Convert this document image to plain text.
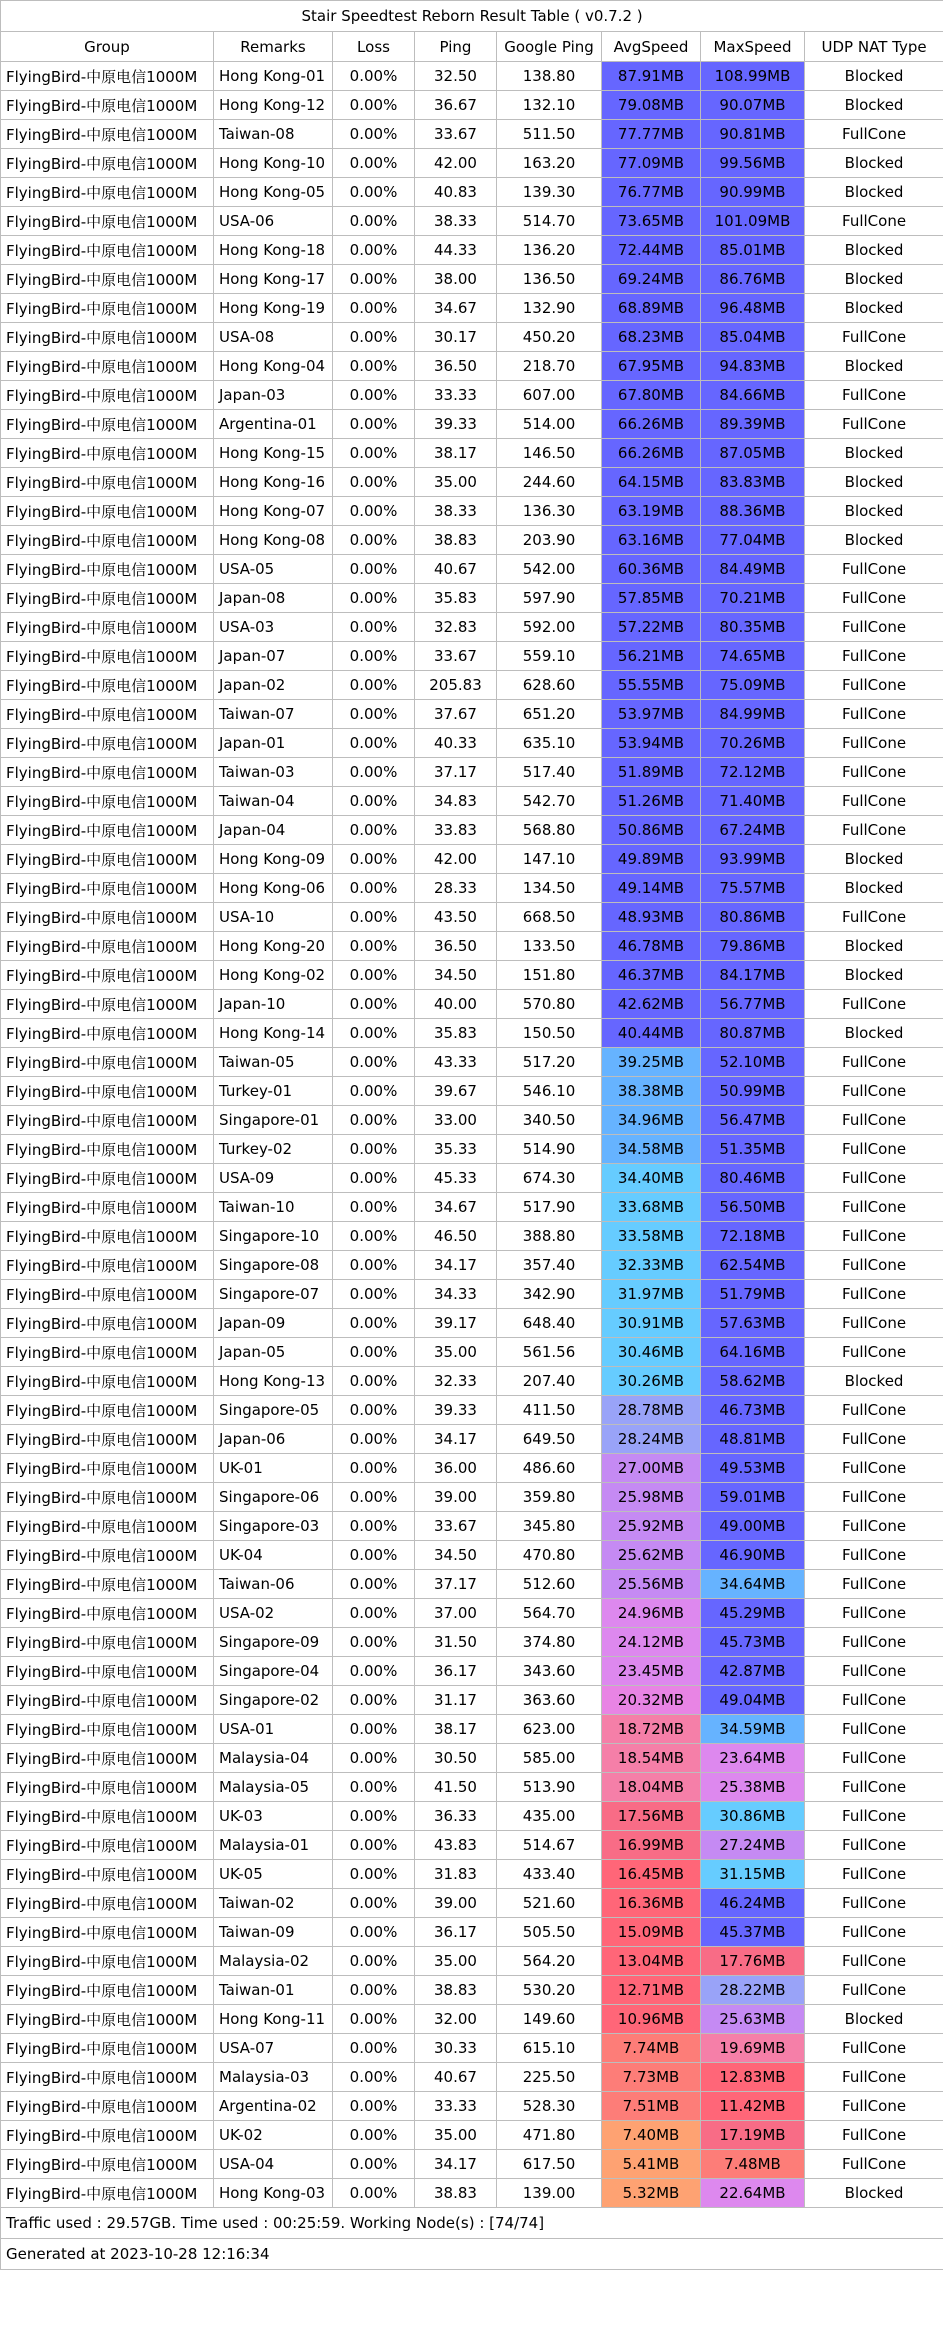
Stair Speedtest Reborn Result Table ( v0.7.2 )							
Group	Remarks	Loss	Ping	Google Ping	AvgSpeed	MaxSpeed	UDP NAT Type
FlyingBird-中原电信1000M	Hong Kong-01	0.00%	32.50	138.80	87.91MB	108.99MB	Blocked
FlyingBird-中原电信1000M	Hong Kong-12	0.00%	36.67	132.10	79.08MB	90.07MB	Blocked
FlyingBird-中原电信1000M	Taiwan-08	0.00%	33.67	511.50	77.77MB	90.81MB	FullCone
FlyingBird-中原电信1000M	Hong Kong-10	0.00%	42.00	163.20	77.09MB	99.56MB	Blocked
FlyingBird-中原电信1000M	Hong Kong-05	0.00%	40.83	139.30	76.77MB	90.99MB	Blocked
FlyingBird-中原电信1000M	USA-06	0.00%	38.33	514.70	73.65MB	101.09MB	FullCone
FlyingBird-中原电信1000M	Hong Kong-18	0.00%	44.33	136.20	72.44MB	85.01MB	Blocked
FlyingBird-中原电信1000M	Hong Kong-17	0.00%	38.00	136.50	69.24MB	86.76MB	Blocked
FlyingBird-中原电信1000M	Hong Kong-19	0.00%	34.67	132.90	68.89MB	96.48MB	Blocked
FlyingBird-中原电信1000M	USA-08	0.00%	30.17	450.20	68.23MB	85.04MB	FullCone
FlyingBird-中原电信1000M	Hong Kong-04	0.00%	36.50	218.70	67.95MB	94.83MB	Blocked
FlyingBird-中原电信1000M	Japan-03	0.00%	33.33	607.00	67.80MB	84.66MB	FullCone
FlyingBird-中原电信1000M	Argentina-01	0.00%	39.33	514.00	66.26MB	89.39MB	FullCone
FlyingBird-中原电信1000M	Hong Kong-15	0.00%	38.17	146.50	66.26MB	87.05MB	Blocked
FlyingBird-中原电信1000M	Hong Kong-16	0.00%	35.00	244.60	64.15MB	83.83MB	Blocked
FlyingBird-中原电信1000M	Hong Kong-07	0.00%	38.33	136.30	63.19MB	88.36MB	Blocked
FlyingBird-中原电信1000M	Hong Kong-08	0.00%	38.83	203.90	63.16MB	77.04MB	Blocked
FlyingBird-中原电信1000M	USA-05	0.00%	40.67	542.00	60.36MB	84.49MB	FullCone
FlyingBird-中原电信1000M	Japan-08	0.00%	35.83	597.90	57.85MB	70.21MB	FullCone
FlyingBird-中原电信1000M	USA-03	0.00%	32.83	592.00	57.22MB	80.35MB	FullCone
FlyingBird-中原电信1000M	Japan-07	0.00%	33.67	559.10	56.21MB	74.65MB	FullCone
FlyingBird-中原电信1000M	Japan-02	0.00%	205.83	628.60	55.55MB	75.09MB	FullCone
FlyingBird-中原电信1000M	Taiwan-07	0.00%	37.67	651.20	53.97MB	84.99MB	FullCone
FlyingBird-中原电信1000M	Japan-01	0.00%	40.33	635.10	53.94MB	70.26MB	FullCone
FlyingBird-中原电信1000M	Taiwan-03	0.00%	37.17	517.40	51.89MB	72.12MB	FullCone
FlyingBird-中原电信1000M	Taiwan-04	0.00%	34.83	542.70	51.26MB	71.40MB	FullCone
FlyingBird-中原电信1000M	Japan-04	0.00%	33.83	568.80	50.86MB	67.24MB	FullCone
FlyingBird-中原电信1000M	Hong Kong-09	0.00%	42.00	147.10	49.89MB	93.99MB	Blocked
FlyingBird-中原电信1000M	Hong Kong-06	0.00%	28.33	134.50	49.14MB	75.57MB	Blocked
FlyingBird-中原电信1000M	USA-10	0.00%	43.50	668.50	48.93MB	80.86MB	FullCone
FlyingBird-中原电信1000M	Hong Kong-20	0.00%	36.50	133.50	46.78MB	79.86MB	Blocked
FlyingBird-中原电信1000M	Hong Kong-02	0.00%	34.50	151.80	46.37MB	84.17MB	Blocked
FlyingBird-中原电信1000M	Japan-10	0.00%	40.00	570.80	42.62MB	56.77MB	FullCone
FlyingBird-中原电信1000M	Hong Kong-14	0.00%	35.83	150.50	40.44MB	80.87MB	Blocked
FlyingBird-中原电信1000M	Taiwan-05	0.00%	43.33	517.20	39.25MB	52.10MB	FullCone
FlyingBird-中原电信1000M	Turkey-01	0.00%	39.67	546.10	38.38MB	50.99MB	FullCone
FlyingBird-中原电信1000M	Singapore-01	0.00%	33.00	340.50	34.96MB	56.47MB	FullCone
FlyingBird-中原电信1000M	Turkey-02	0.00%	35.33	514.90	34.58MB	51.35MB	FullCone
FlyingBird-中原电信1000M	USA-09	0.00%	45.33	674.30	34.40MB	80.46MB	FullCone
FlyingBird-中原电信1000M	Taiwan-10	0.00%	34.67	517.90	33.68MB	56.50MB	FullCone
FlyingBird-中原电信1000M	Singapore-10	0.00%	46.50	388.80	33.58MB	72.18MB	FullCone
FlyingBird-中原电信1000M	Singapore-08	0.00%	34.17	357.40	32.33MB	62.54MB	FullCone
FlyingBird-中原电信1000M	Singapore-07	0.00%	34.33	342.90	31.97MB	51.79MB	FullCone
FlyingBird-中原电信1000M	Japan-09	0.00%	39.17	648.40	30.91MB	57.63MB	FullCone
FlyingBird-中原电信1000M	Japan-05	0.00%	35.00	561.56	30.46MB	64.16MB	FullCone
FlyingBird-中原电信1000M	Hong Kong-13	0.00%	32.33	207.40	30.26MB	58.62MB	Blocked
FlyingBird-中原电信1000M	Singapore-05	0.00%	39.33	411.50	28.78MB	46.73MB	FullCone
FlyingBird-中原电信1000M	Japan-06	0.00%	34.17	649.50	28.24MB	48.81MB	FullCone
FlyingBird-中原电信1000M	UK-01	0.00%	36.00	486.60	27.00MB	49.53MB	FullCone
FlyingBird-中原电信1000M	Singapore-06	0.00%	39.00	359.80	25.98MB	59.01MB	FullCone
FlyingBird-中原电信1000M	Singapore-03	0.00%	33.67	345.80	25.92MB	49.00MB	FullCone
FlyingBird-中原电信1000M	UK-04	0.00%	34.50	470.80	25.62MB	46.90MB	FullCone
FlyingBird-中原电信1000M	Taiwan-06	0.00%	37.17	512.60	25.56MB	34.64MB	FullCone
FlyingBird-中原电信1000M	USA-02	0.00%	37.00	564.70	24.96MB	45.29MB	FullCone
FlyingBird-中原电信1000M	Singapore-09	0.00%	31.50	374.80	24.12MB	45.73MB	FullCone
FlyingBird-中原电信1000M	Singapore-04	0.00%	36.17	343.60	23.45MB	42.87MB	FullCone
FlyingBird-中原电信1000M	Singapore-02	0.00%	31.17	363.60	20.32MB	49.04MB	FullCone
FlyingBird-中原电信1000M	USA-01	0.00%	38.17	623.00	18.72MB	34.59MB	FullCone
FlyingBird-中原电信1000M	Malaysia-04	0.00%	30.50	585.00	18.54MB	23.64MB	FullCone
FlyingBird-中原电信1000M	Malaysia-05	0.00%	41.50	513.90	18.04MB	25.38MB	FullCone
FlyingBird-中原电信1000M	UK-03	0.00%	36.33	435.00	17.56MB	30.86MB	FullCone
FlyingBird-中原电信1000M	Malaysia-01	0.00%	43.83	514.67	16.99MB	27.24MB	FullCone
FlyingBird-中原电信1000M	UK-05	0.00%	31.83	433.40	16.45MB	31.15MB	FullCone
FlyingBird-中原电信1000M	Taiwan-02	0.00%	39.00	521.60	16.36MB	46.24MB	FullCone
FlyingBird-中原电信1000M	Taiwan-09	0.00%	36.17	505.50	15.09MB	45.37MB	FullCone
FlyingBird-中原电信1000M	Malaysia-02	0.00%	35.00	564.20	13.04MB	17.76MB	FullCone
FlyingBird-中原电信1000M	Taiwan-01	0.00%	38.83	530.20	12.71MB	28.22MB	FullCone
FlyingBird-中原电信1000M	Hong Kong-11	0.00%	32.00	149.60	10.96MB	25.63MB	Blocked
FlyingBird-中原电信1000M	USA-07	0.00%	30.33	615.10	7.74MB	19.69MB	FullCone
FlyingBird-中原电信1000M	Malaysia-03	0.00%	40.67	225.50	7.73MB	12.83MB	FullCone
FlyingBird-中原电信1000M	Argentina-02	0.00%	33.33	528.30	7.51MB	11.42MB	FullCone
FlyingBird-中原电信1000M	UK-02	0.00%	35.00	471.80	7.40MB	17.19MB	FullCone
FlyingBird-中原电信1000M	USA-04	0.00%	34.17	617.50	5.41MB	7.48MB	FullCone
FlyingBird-中原电信1000M	Hong Kong-03	0.00%	38.83	139.00	5.32MB	22.64MB	Blocked
Traffic used : 29.57GB. Time used : 00:25:59. Working Node(s) : [74/74]							
Generated at 2023-10-28 12:16:34							
